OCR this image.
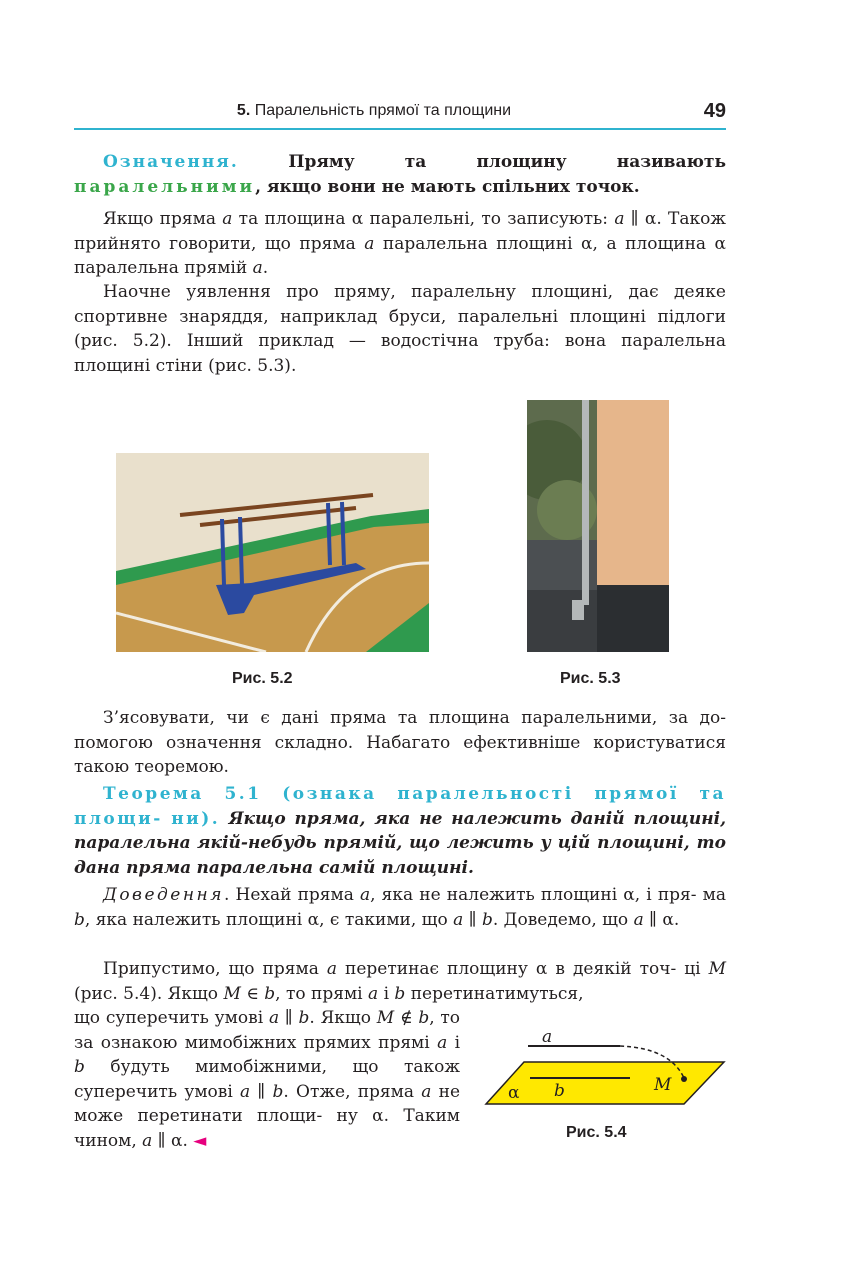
5. Паралельність прямої та площини	49
Означення.	Пряму та площину називають паралельними, якщо вони не мають спільних точок.
Якщо пряма a та площина α паралельні, то записують: a ∥ α. Також прийнято говорити, що пряма a паралельна площині α, а площина α паралельна прямій a.
Наочне уявлення про пряму, паралельну площині, дає деяке спортивне знаряддя, наприклад бруси, паралельні площині підлоги (рис. 5.2). Інший приклад — водостічна труба: вона паралельна площині стіни (рис. 5.3).
Рис. 5.2	Рис. 5.3
З’ясовувати, чи є дані пряма та площина паралельними, за до- помогою означення складно. Набагато ефективніше користуватися такою теоремою.
Теорема 5.1 (ознака паралельності прямої та площи- ни). Якщо пряма, яка не належить даній площині, паралельна якій-небудь прямій, що лежить у цій площині, то дана пряма паралельна самій площині.
Доведення. Нехай пряма a, яка не належить площині α, і пря- ма b, яка належить площині α, є такими, що a ∥ b. Доведемо, що a ∥ α.
Припустимо, що пряма a перетинає площину α в деякій точ- ці M (рис. 5.4). Якщо M ∈ b, то прямі a і b перетинатимуться,
що суперечить умові a ∥ b. Якщо M ∉ b, то за ознакою мимобіжних прямих прямі a і b будуть мимобіжними, що також суперечить умові a ∥ b. Отже, пряма a не може перетинати площи- ну α. Таким чином, a ∥ α. ◄
a
b	M
α
Рис. 5.4
